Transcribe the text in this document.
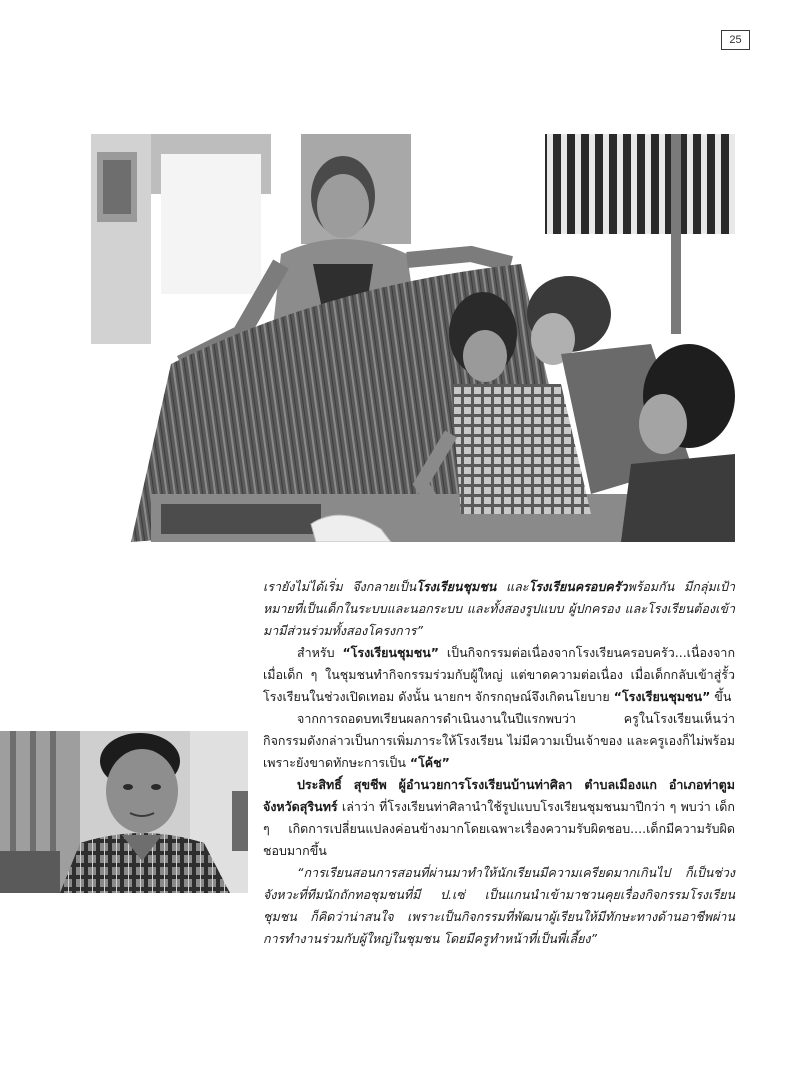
25

เรายังไม่ได้เริ่ม จึงกลายเป็นโรงเรียนชุมชน และโรงเรียนครอบครัวพร้อมกัน มีกลุ่มเป้าหมายที่เป็นเด็กในระบบและนอกระบบ และทั้งสองรูปแบบ ผู้ปกครอง และโรงเรียนต้องเข้ามามีส่วนร่วมทั้งสองโครงการ”

สำหรับ “โรงเรียนชุมชน” เป็นกิจกรรมต่อเนื่องจากโรงเรียนครอบครัว...เนื่องจากเมื่อเด็ก ๆ ในชุมชนทำกิจกรรมร่วมกับผู้ใหญ่ แต่ขาดความต่อเนื่อง เมื่อเด็กกลับเข้าสู่รั้วโรงเรียนในช่วงเปิดเทอม ดังนั้น นายกฯ จักรกฤษณ์จึงเกิดนโยบาย “โรงเรียนชุมชน” ขึ้น

จากการถอดบทเรียนผลการดำเนินงานในปีแรกพบว่า ครูในโรงเรียนเห็นว่ากิจกรรมดังกล่าวเป็นการเพิ่มภาระให้โรงเรียน ไม่มีความเป็นเจ้าของ และครูเองก็ไม่พร้อม เพราะยังขาดทักษะการเป็น “โค้ช”

ประสิทธิ์ สุขชีพ ผู้อำนวยการโรงเรียนบ้านท่าศิลา ตำบลเมืองแก อำเภอท่าตูม จังหวัดสุรินทร์ เล่าว่า ที่โรงเรียนท่าศิลานำใช้รูปแบบโรงเรียนชุมชนมาปีกว่า ๆ พบว่า เด็ก ๆ เกิดการเปลี่ยนแปลงค่อนข้างมากโดยเฉพาะเรื่องความรับผิดชอบ....เด็กมีความรับผิดชอบมากขึ้น

“การเรียนสอนการสอนที่ผ่านมาทำให้นักเรียนมีความเครียดมากเกินไป ก็เป็นช่วงจังหวะที่ทีมนักถักทอชุมชนที่มี ป.เซ่ เป็นแกนนำเข้ามาชวนคุยเรื่องกิจกรรมโรงเรียนชุมชน ก็คิดว่าน่าสนใจ เพราะเป็นกิจกรรมที่พัฒนาผู้เรียนให้มีทักษะทางด้านอาชีพผ่านการทำงานร่วมกับผู้ใหญ่ในชุมชน โดยมีครูทำหน้าที่เป็นพี่เลี้ยง”
